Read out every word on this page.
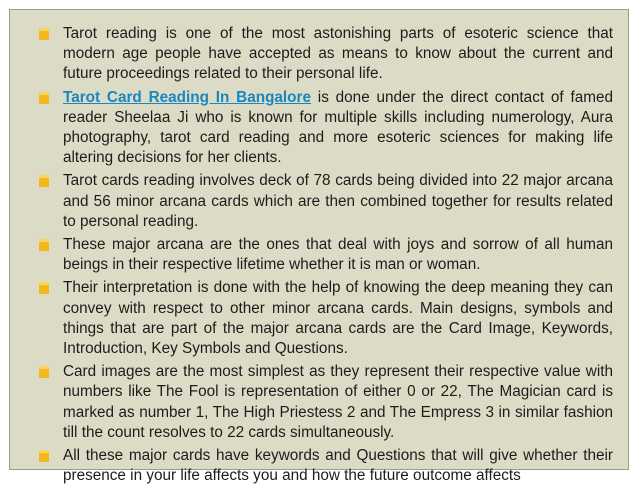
Tarot reading is one of the most astonishing parts of esoteric science that modern age people have accepted as means to know about the current and future proceedings related to their personal life.
Tarot Card Reading In Bangalore is done under the direct contact of famed reader Sheelaa Ji who is known for multiple skills including numerology, Aura photography, tarot card reading and more esoteric sciences for making life altering decisions for her clients.
Tarot cards reading involves deck of 78 cards being divided into 22 major arcana and 56 minor arcana cards which are then combined together for results related to personal reading.
These major arcana are the ones that deal with joys and sorrow of all human beings in their respective lifetime whether it is man or woman.
Their interpretation is done with the help of knowing the deep meaning they can convey with respect to other minor arcana cards. Main designs, symbols and things that are part of the major arcana cards are the Card Image, Keywords, Introduction, Key Symbols and Questions.
Card images are the most simplest as they represent their respective value with numbers like The Fool is representation of either 0 or 22, The Magician card is marked as number 1, The High Priestess 2 and The Empress 3 in similar fashion till the count resolves to 22 cards simultaneously.
All these major cards have keywords and Questions that will give whether their presence in your life affects you and how the future outcome affects
